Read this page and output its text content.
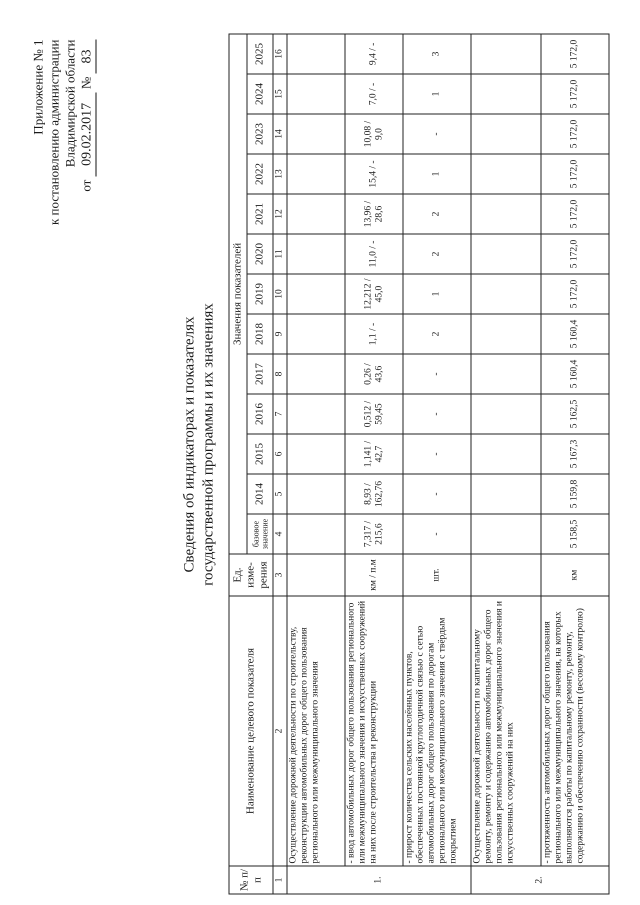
Приложение № 1 к постановлению администрации Владимирской области
от 09.02.2017 № 83
Сведения об индикаторах и показателях государственной программы и их значениях
№ п/п	Наименование целевого показателя	Ед. изме-рения	Значения показателей												
			базовое значение	2014	2015	2016	2017	2018	2019	2020	2021	2022	2023	2024	2025
1	2	3	4	5	6	7	8	9	10	11	12	13	14	15	16
1.	Осуществление дорожной деятельности по строительству, реконструкции автомобильных дорог общего пользования регионального или межмуниципального значения														
	- ввод автомобильных дорог общего пользования регионального или межмуниципального значения и искусственных сооружений на них после строительства и реконструкции	км / п.м	7,317 / 215,6	8,93 / 162,76	1,141 / 42,7	0,512 / 59,45	0,26 / 43,6	1,1 / -	12,212 / 45,0	11,0 / -	13,96 / 28,6	15,4 / -	10,08 / 9,0	7,0 / -	9,4 / -
	- прирост количества сельских населённых пунктов, обеспеченных постоянной круглогодичной связью с сетью автомобильных дорог общего пользования по дорогам регионального или межмуниципального значения с твёрдым покрытием	шт.	-	-	-	-	-	2	1	2	2	1	-	1	3
2.	Осуществление дорожной деятельности по капитальному ремонту, ремонту и содержанию автомобильных дорог общего пользования регионального или межмуниципального значения и искусственных сооружений на них														
	- протяженность автомобильных дорог общего пользования регионального или межмуниципального значения, на которых выполняются работы по капитальному ремонту, ремонту, содержанию и обеспечению сохранности (весовому контролю)	км	5 158,5	5 159,8	5 167,3	5 162,5	5 160,4	5 160,4	5 172,0	5 172,0	5 172,0	5 172,0	5 172,0	5 172,0	5 172,0
